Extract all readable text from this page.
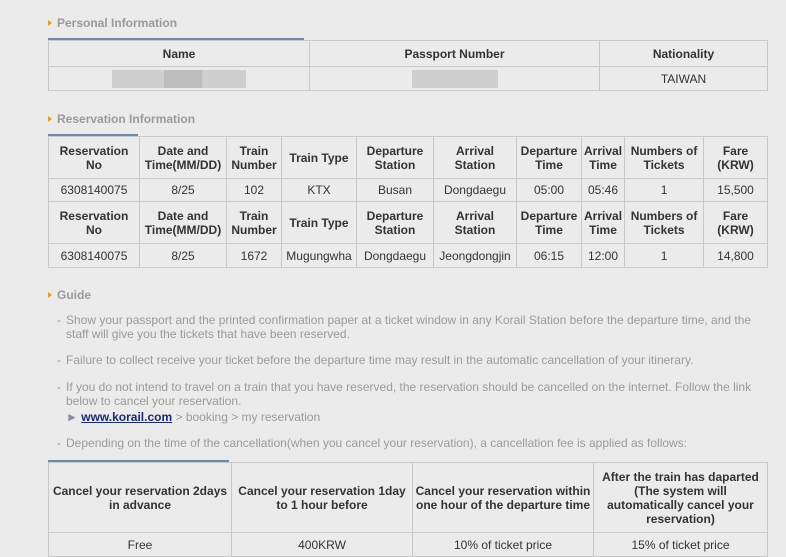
Personal Information
Name	Passport Number	Nationality
		TAIWAN
Reservation Information
Reservation No	Date and Time(MM/DD)	Train Number	Train Type	Departure Station	Arrival Station	Departure Time	Arrival Time	Numbers of Tickets	Fare (KRW)
6308140075	8/25	102	KTX	Busan	Dongdaegu	05:00	05:46	1	15,500
Reservation No	Date and Time(MM/DD)	Train Number	Train Type	Departure Station	Arrival Station	Departure Time	Arrival Time	Numbers of Tickets	Fare (KRW)
6308140075	8/25	1672	Mugungwha	Dongdaegu	Jeongdongjin	06:15	12:00	1	14,800
Guide
- Show your passport and the printed confirmation paper at a ticket window in any Korail Station before the departure time, and the staff will give you the tickets that have been reserved.
- Failure to collect receive your ticket before the departure time may result in the automatic cancellation of your itinerary.
- If you do not intend to travel on a train that you have reserved, the reservation should be cancelled on the internet. Follow the link below to cancel your reservation.
► www.korail.com > booking > my reservation
- Depending on the time of the cancellation(when you cancel your reservation), a cancellation fee is applied as follows:
Cancel your reservation 2days in advance	Cancel your reservation 1day to 1 hour before	Cancel your reservation within one hour of the departure time	After the train has daparted (The system will automatically cancel your reservation)
Free	400KRW	10% of ticket price	15% of ticket price
